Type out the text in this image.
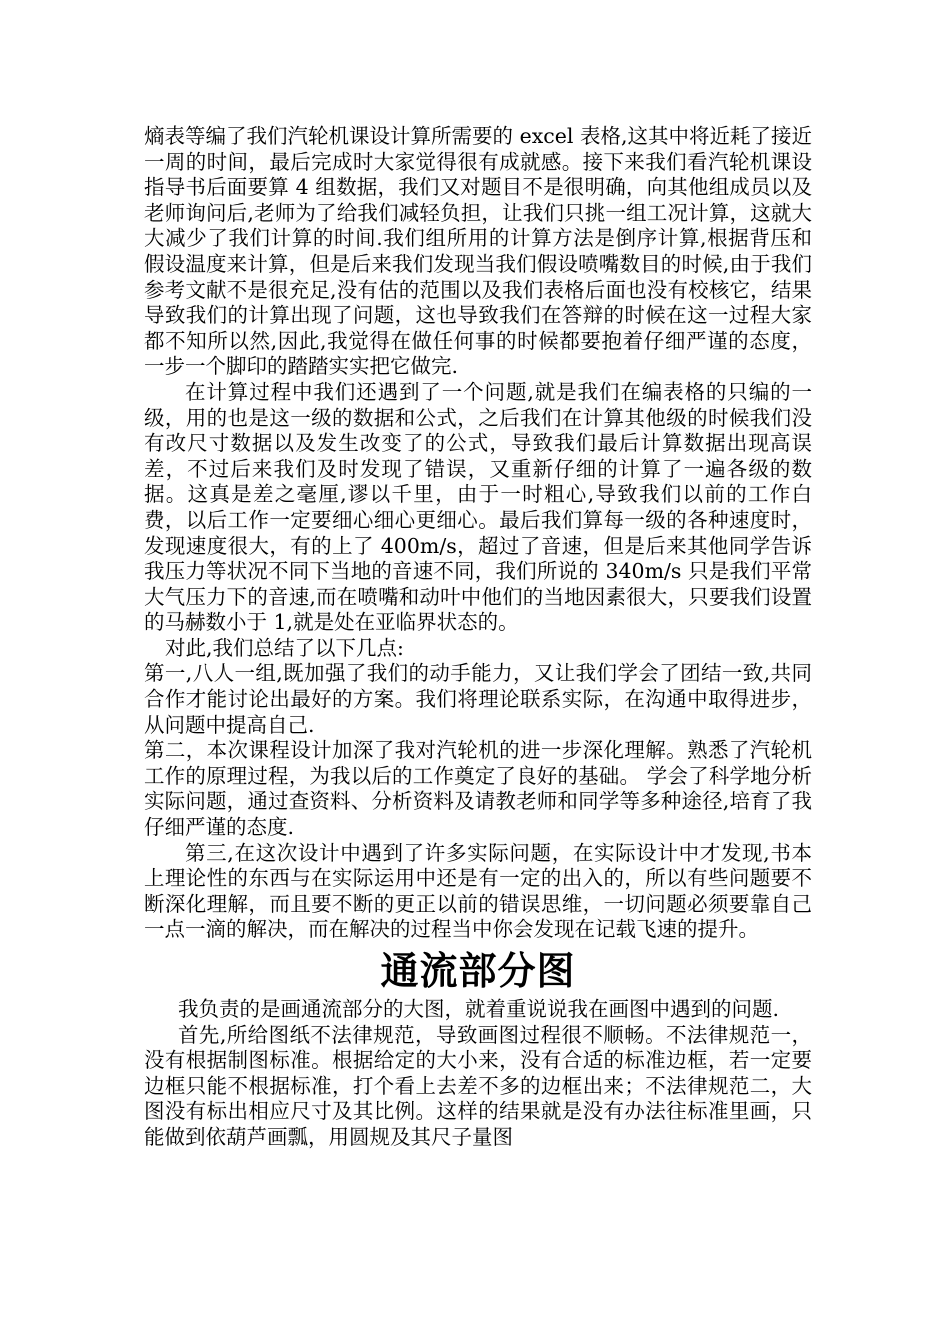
熵表等编了我们汽轮机课设计算所需要的 excel 表格,这其中将近耗了接近一周的时间，最后完成时大家觉得很有成就感。接下来我们看汽轮机课设指导书后面要算 4 组数据，我们又对题目不是很明确，向其他组成员以及老师询问后,老师为了给我们减轻负担，让我们只挑一组工况计算，这就大大减少了我们计算的时间.我们组所用的计算方法是倒序计算,根据背压和假设温度来计算，但是后来我们发现当我们假设喷嘴数目的时候,由于我们参考文献不是很充足,没有估的范围以及我们表格后面也没有校核它，结果导致我们的计算出现了问题，这也导致我们在答辩的时候在这一过程大家都不知所以然,因此,我觉得在做任何事的时候都要抱着仔细严谨的态度，一步一个脚印的踏踏实实把它做完.

在计算过程中我们还遇到了一个问题,就是我们在编表格的只编的一级，用的也是这一级的数据和公式，之后我们在计算其他级的时候我们没有改尺寸数据以及发生改变了的公式，导致我们最后计算数据出现高误差，不过后来我们及时发现了错误，又重新仔细的计算了一遍各级的数据。这真是差之毫厘,谬以千里，由于一时粗心,导致我们以前的工作白费，以后工作一定要细心细心更细心。最后我们算每一级的各种速度时，发现速度很大，有的上了 400m/s，超过了音速，但是后来其他同学告诉我压力等状况不同下当地的音速不同，我们所说的 340m/s 只是我们平常大气压力下的音速,而在喷嘴和动叶中他们的当地因素很大，只要我们设置的马赫数小于 1,就是处在亚临界状态的。

对此,我们总结了以下几点:

第一,八人一组,既加强了我们的动手能力，又让我们学会了团结一致,共同合作才能讨论出最好的方案。我们将理论联系实际，在沟通中取得进步，从问题中提高自己.

第二，本次课程设计加深了我对汽轮机的进一步深化理解。熟悉了汽轮机工作的原理过程，为我以后的工作奠定了良好的基础。 学会了科学地分析实际问题，通过查资料、分析资料及请教老师和同学等多种途径,培育了我仔细严谨的态度.

第三,在这次设计中遇到了许多实际问题，在实际设计中才发现,书本上理论性的东西与在实际运用中还是有一定的出入的，所以有些问题要不断深化理解，而且要不断的更正以前的错误思维，一切问题必须要靠自己一点一滴的解决，而在解决的过程当中你会发现在记载飞速的提升。

通流部分图

我负责的是画通流部分的大图，就着重说说我在画图中遇到的问题.

首先,所给图纸不法律规范，导致画图过程很不顺畅。不法律规范一，没有根据制图标准。根据给定的大小来，没有合适的标准边框，若一定要边框只能不根据标准，打个看上去差不多的边框出来；不法律规范二，大图没有标出相应尺寸及其比例。这样的结果就是没有办法往标准里画，只能做到依葫芦画瓢，用圆规及其尺子量图
